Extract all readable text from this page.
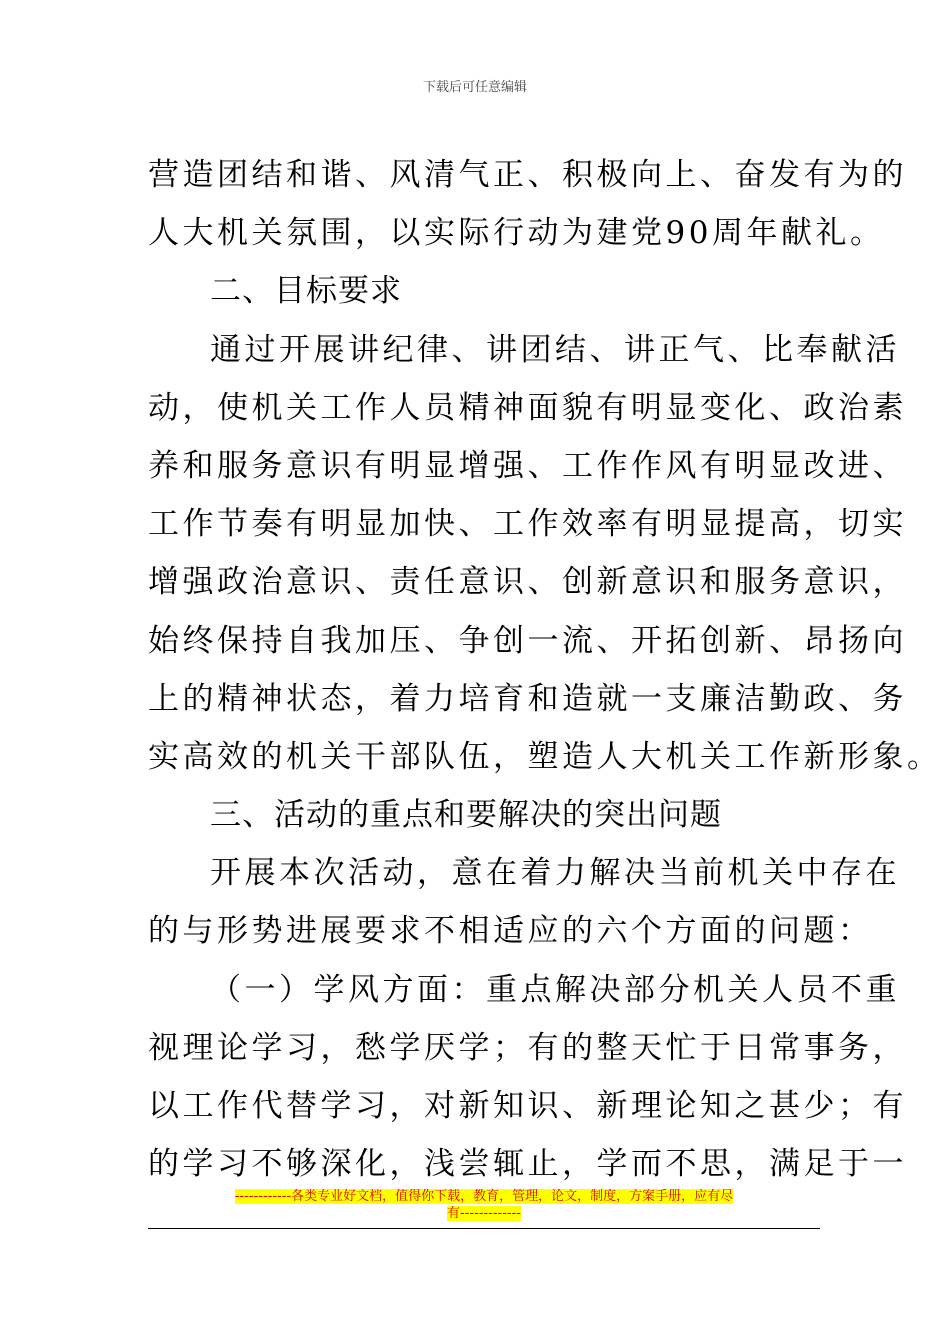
下载后可任意编辑
营造团结和谐、风清气正、积极向上、奋发有为的
人大机关氛围，以实际行动为建党90周年献礼。
二、目标要求
通过开展讲纪律、讲团结、讲正气、比奉献活
动，使机关工作人员精神面貌有明显变化、政治素
养和服务意识有明显增强、工作作风有明显改进、
工作节奏有明显加快、工作效率有明显提高，切实
增强政治意识、责任意识、创新意识和服务意识，
始终保持自我加压、争创一流、开拓创新、昂扬向
上的精神状态，着力培育和造就一支廉洁勤政、务
实高效的机关干部队伍，塑造人大机关工作新形象。
三、活动的重点和要解决的突出问题
开展本次活动，意在着力解决当前机关中存在
的与形势进展要求不相适应的六个方面的问题：
（一）学风方面：重点解决部分机关人员不重
视理论学习，愁学厌学；有的整天忙于日常事务，
以工作代替学习，对新知识、新理论知之甚少；有
的学习不够深化，浅尝辄止，学而不思，满足于一
------------各类专业好文档，值得你下载，教育，管理，论文，制度，方案手册，应有尽
有-------------
